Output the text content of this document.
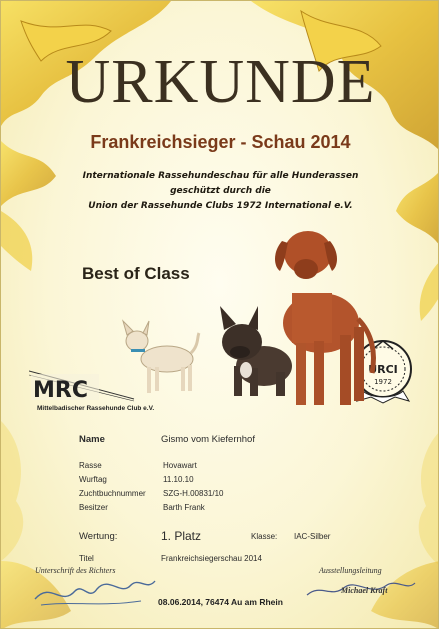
URKUNDE
Frankreichsieger - Schau 2014
Internationale Rassehundeschau für alle Hunderassen
geschützt durch die
Union der Rassehunde Clubs 1972 International e.V.
Best of Class
MRC
Mittelbadischer Rassehunde Club e.V.
URCI
1972
Name	Gismo vom Kiefernhof
Rasse	Hovawart
Wurftag	11.10.10
Zuchtbuchnummer SZG-H.00831/10
Besitzer	Barth Frank
Wertung:	1. Platz	Klasse: IAC-Silber
Titel	Frankreichsiegerschau 2014
Unterschrift des Richters	Ausstellungsleitung
Michael Kraft
08.06.2014, 76474 Au am Rhein
